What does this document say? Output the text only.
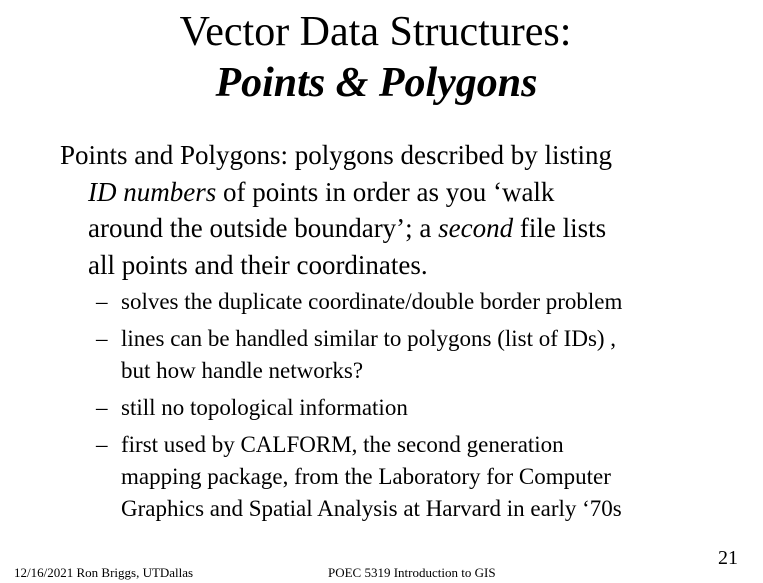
Vector Data Structures:
Points & Polygons
Points and Polygons: polygons described by listing
ID numbers of points in order as you ‘walk
around the outside boundary’; a second file lists
all points and their coordinates.
– solves the duplicate coordinate/double border problem
– lines can be handled similar to polygons (list of IDs) ,
but how handle networks?
– still no topological information
– first used by CALFORM, the second generation
mapping package, from the Laboratory for Computer
Graphics and Spatial Analysis at Harvard in early ‘70s
12/16/2021 Ron Briggs, UTDallas	POEC 5319 Introduction to GIS
21
